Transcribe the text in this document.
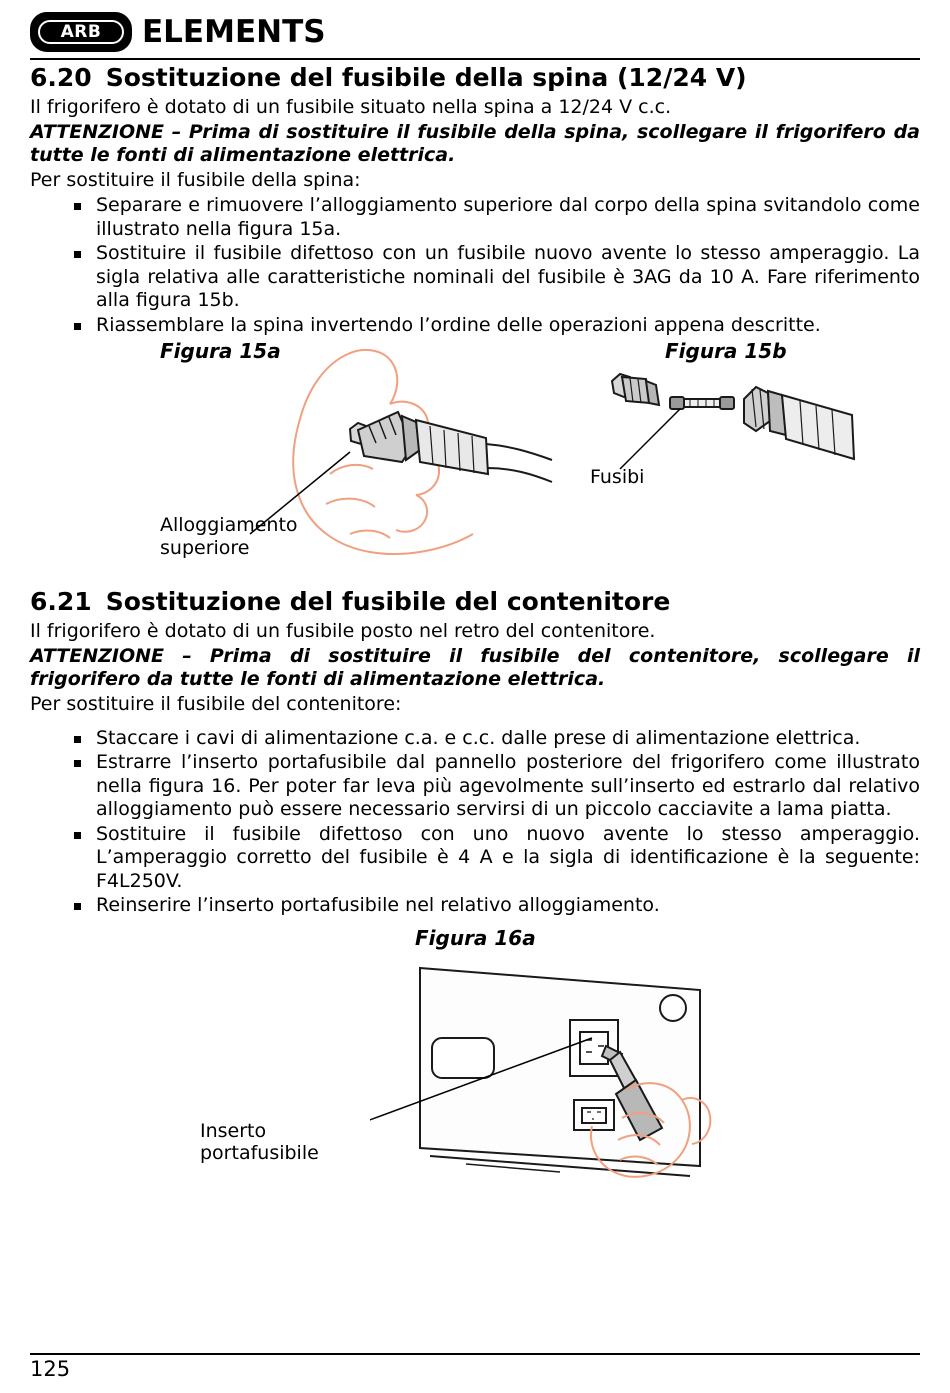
ARB ELEMENTS
6.20 Sostituzione del fusibile della spina (12/24 V)

Il frigorifero è dotato di un fusibile situato nella spina a 12/24 V c.c.

ATTENZIONE – Prima di sostituire il fusibile della spina, scollegare il frigorifero da tutte le fonti di alimentazione elettrica.

Per sostituire il fusibile della spina:

Separare e rimuovere l’alloggiamento superiore dal corpo della spina svitandolo come illustrato nella figura 15a.
Sostituire il fusibile difettoso con un fusibile nuovo avente lo stesso amperaggio. La sigla relativa alle caratteristiche nominali del fusibile è 3AG da 10 A. Fare riferimento alla figura 15b.
Riassemblare la spina invertendo l’ordine delle operazioni appena descritte.
Figura 15a	Figura 15b
Alloggiamento
superiore
Fusibi
6.21 Sostituzione del fusibile del contenitore

Il frigorifero è dotato di un fusibile posto nel retro del contenitore.

ATTENZIONE – Prima di sostituire il fusibile del contenitore, scollegare il frigorifero da tutte le fonti di alimentazione elettrica.

Per sostituire il fusibile del contenitore:

Staccare i cavi di alimentazione c.a. e c.c. dalle prese di alimentazione elettrica.
Estrarre l’inserto portafusibile dal pannello posteriore del frigorifero come illustrato nella figura 16. Per poter far leva più agevolmente sull’inserto ed estrarlo dal relativo alloggiamento può essere necessario servirsi di un piccolo cacciavite a lama piatta.
Sostituire il fusibile difettoso con uno nuovo avente lo stesso amperaggio. L’amperaggio corretto del fusibile è 4 A e la sigla di identificazione è la seguente: F4L250V.
Reinserire l’inserto portafusibile nel relativo alloggiamento.
Figura 16a
Inserto
portafusibile
125
